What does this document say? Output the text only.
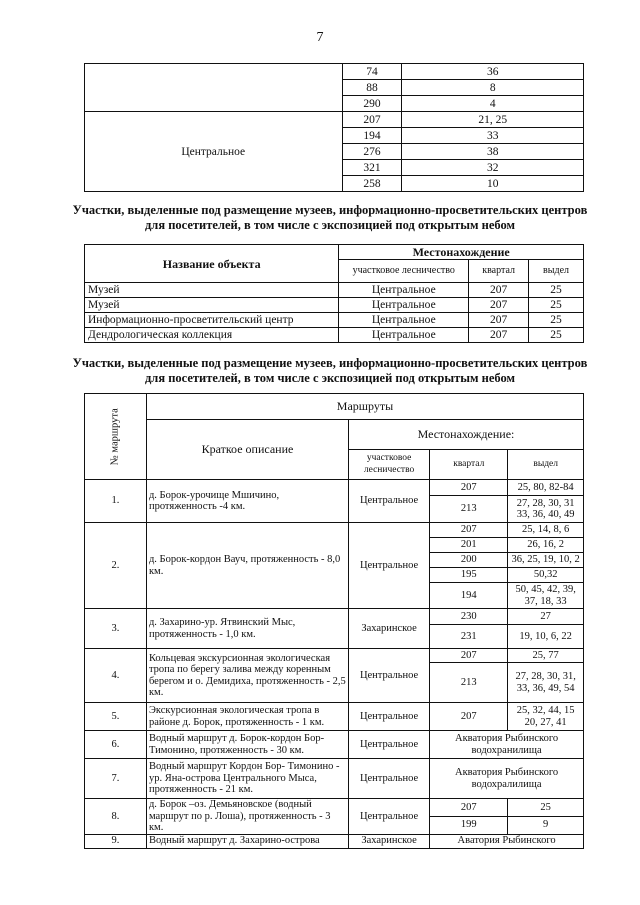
7
	74	36
	88	8
	290	4
Центральное	207	21, 25
	194	33
	276	38
	321	32
	258	10
Участки, выделенные под размещение музеев, информационно-просветительских центров для посетителей, в том числе с экспозицией под открытым небом
Название объекта	Местонахождение		
	участковое лесничество	квартал	выдел
Музей	Центральное	207	25
Музей	Центральное	207	25
Информационно-просветительский центр	Центральное	207	25
Дендрологическая коллекция	Центральное	207	25
Участки, выделенные под размещение музеев, информационно-просветительских центров для посетителей, в том числе с экспозицией под открытым небом
№ маршрута	Маршруты			
	Краткое описание	Местонахождение:		
		участковое лесничество	квартал	выдел
1.	д. Борок-урочище Мшичино, протяженность -4 км.	Центральное	207	25, 80, 82-84
			213	27, 28, 30, 31 33, 36, 40, 49
2.	д. Борок-кордон Вауч, протяженность - 8,0 км.	Центральное	207	25, 14, 8, 6
			201	26, 16, 2
			200	36, 25, 19, 10, 2
			195	50,32
			194	50, 45, 42, 39, 37, 18, 33
3.	д. Захарино-ур. Ятвинский Мыс, протяженность - 1,0 км.	Захаринское	230	27
			231	19, 10, 6, 22
4.	Кольцевая экскурсионная экологическая тропа по берегу залива между коренным берегом и о. Демидиха, протяженность - 2,5 км.	Центральное	207	25, 77
			213	27, 28, 30, 31, 33, 36, 49, 54
5.	Экскурсионная экологическая тропа в районе д. Борок, протяженность - 1 км.	Центральное	207	25, 32, 44, 15 20, 27, 41
6.	Водный маршрут д. Борок-кордон Бор-Тимонино, протяженность - 30 км.	Центральное	Акватория Рыбинского водохранилища	
7.	Водный маршрут Кордон Бор- Тимонино - ур. Яна-острова Центрального Мыса, протяженность - 21 км.	Центральное	Акватория Рыбинского водохралилища	
8.	д. Борок –оз. Демьяновское (водный маршрут по р. Лоша), протяженность - 3 км.	Центральное	207	25
			199	9
9.	Водный маршрут д. Захарино-острова	Захаринское	Аватория Рыбинского	
